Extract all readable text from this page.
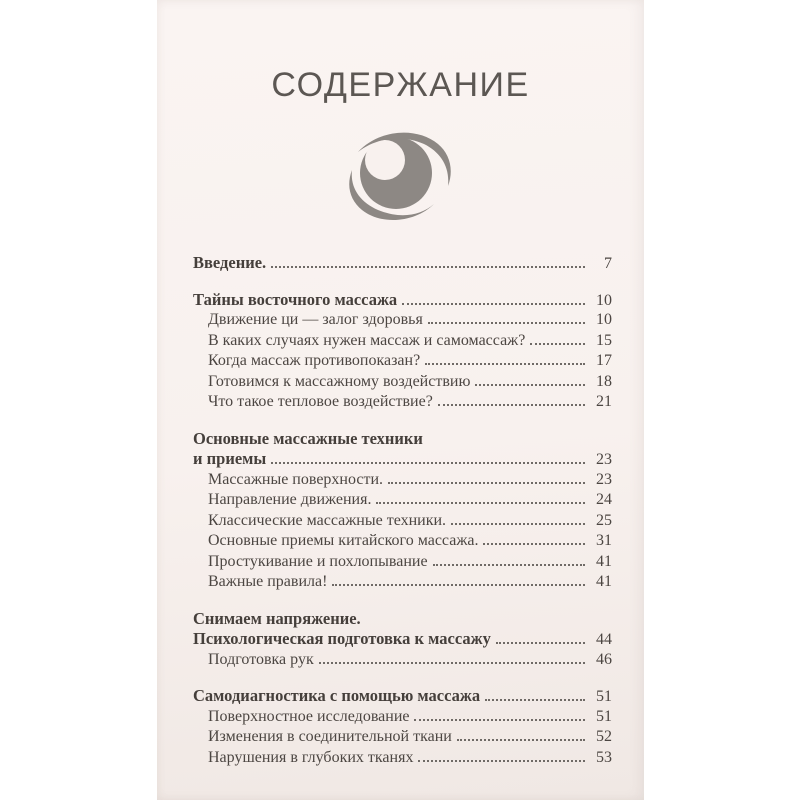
СОДЕРЖАНИЕ
Введение.	7
Тайны восточного массажа	10
Движение ци — залог здоровья	10
В каких случаях нужен массаж и самомассаж?	15
Когда массаж противопоказан?	17
Готовимся к массажному воздействию	18
Что такое тепловое воздействие?	21
Основные массажные техники
и приемы	23
Массажные поверхности.	23
Направление движения.	24
Классические массажные техники.	25
Основные приемы китайского массажа.	31
Простукивание и похлопывание	41
Важные правила!	41
Снимаем напряжение.
Психологическая подготовка к массажу	44
Подготовка рук	46
Самодиагностика с помощью массажа	51
Поверхностное исследование	51
Изменения в соединительной ткани	52
Нарушения в глубоких тканях	53
